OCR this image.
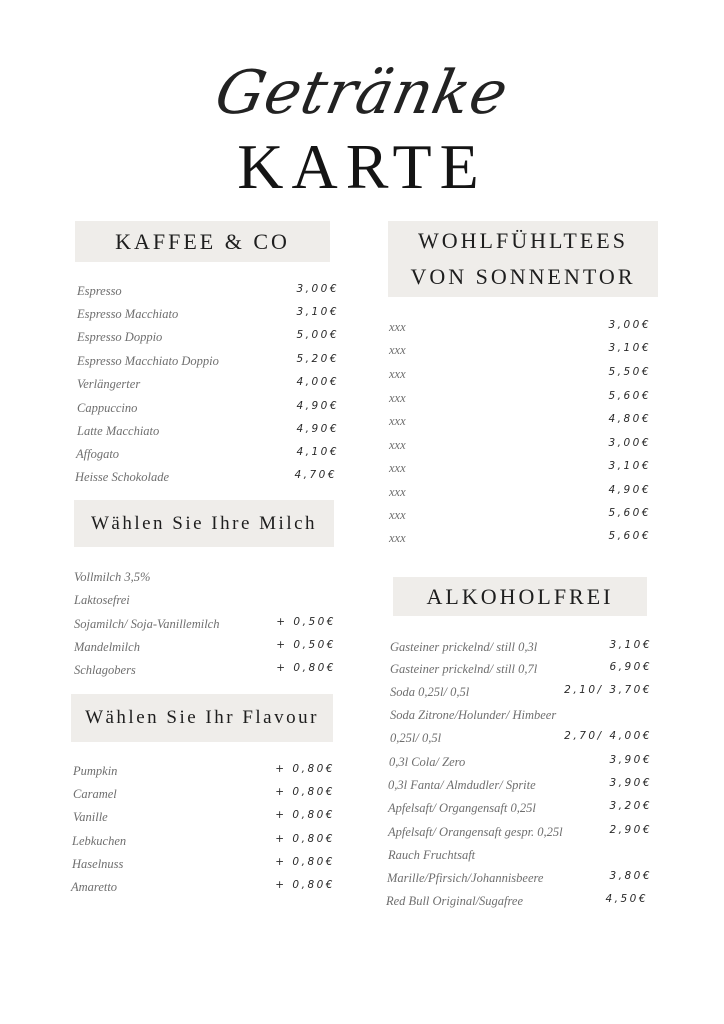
Getränke
KARTE
KAFFEE & CO
Espresso	3,00€
Espresso Macchiato	3,10€
Espresso Doppio	5,00€
Espresso Macchiato Doppio	5,20€
Verlängerter	4,00€
Cappuccino	4,90€
Latte Macchiato	4,90€
Affogato	4,10€
Heisse Schokolade	4,70€
Wählen Sie Ihre Milch
Vollmilch 3,5%
Laktosefrei
Sojamilch/ Soja-Vanillemilch	+ 0,50€
Mandelmilch	+ 0,50€
Schlagobers	+ 0,80€
Wählen Sie Ihr Flavour
Pumpkin	+ 0,80€
Caramel	+ 0,80€
Vanille	+ 0,80€
Lebkuchen	+ 0,80€
Haselnuss	+ 0,80€
Amaretto	+ 0,80€
WOHLFÜHLTEES
VON SONNENTOR
xxx	3,00€
xxx	3,10€
xxx	5,50€
xxx	5,60€
xxx	4,80€
xxx	3,00€
xxx	3,10€
xxx	4,90€
xxx	5,60€
xxx	5,60€
ALKOHOLFREI
Gasteiner prickelnd/ still 0,3l	3,10€
Gasteiner prickelnd/ still 0,7l	6,90€
Soda 0,25l/ 0,5l	2,10/ 3,70€
Soda Zitrone/Holunder/ Himbeer
0,25l/ 0,5l	2,70/ 4,00€
0,3l Cola/ Zero	3,90€
0,3l Fanta/ Almdudler/ Sprite	3,90€
Apfelsaft/ Organgensaft 0,25l	3,20€
Apfelsaft/ Orangensaft gespr. 0,25l	2,90€
Rauch Fruchtsaft
Marille/Pfirsich/Johannisbeere	3,80€
Red Bull Original/Sugafree	4,50€
